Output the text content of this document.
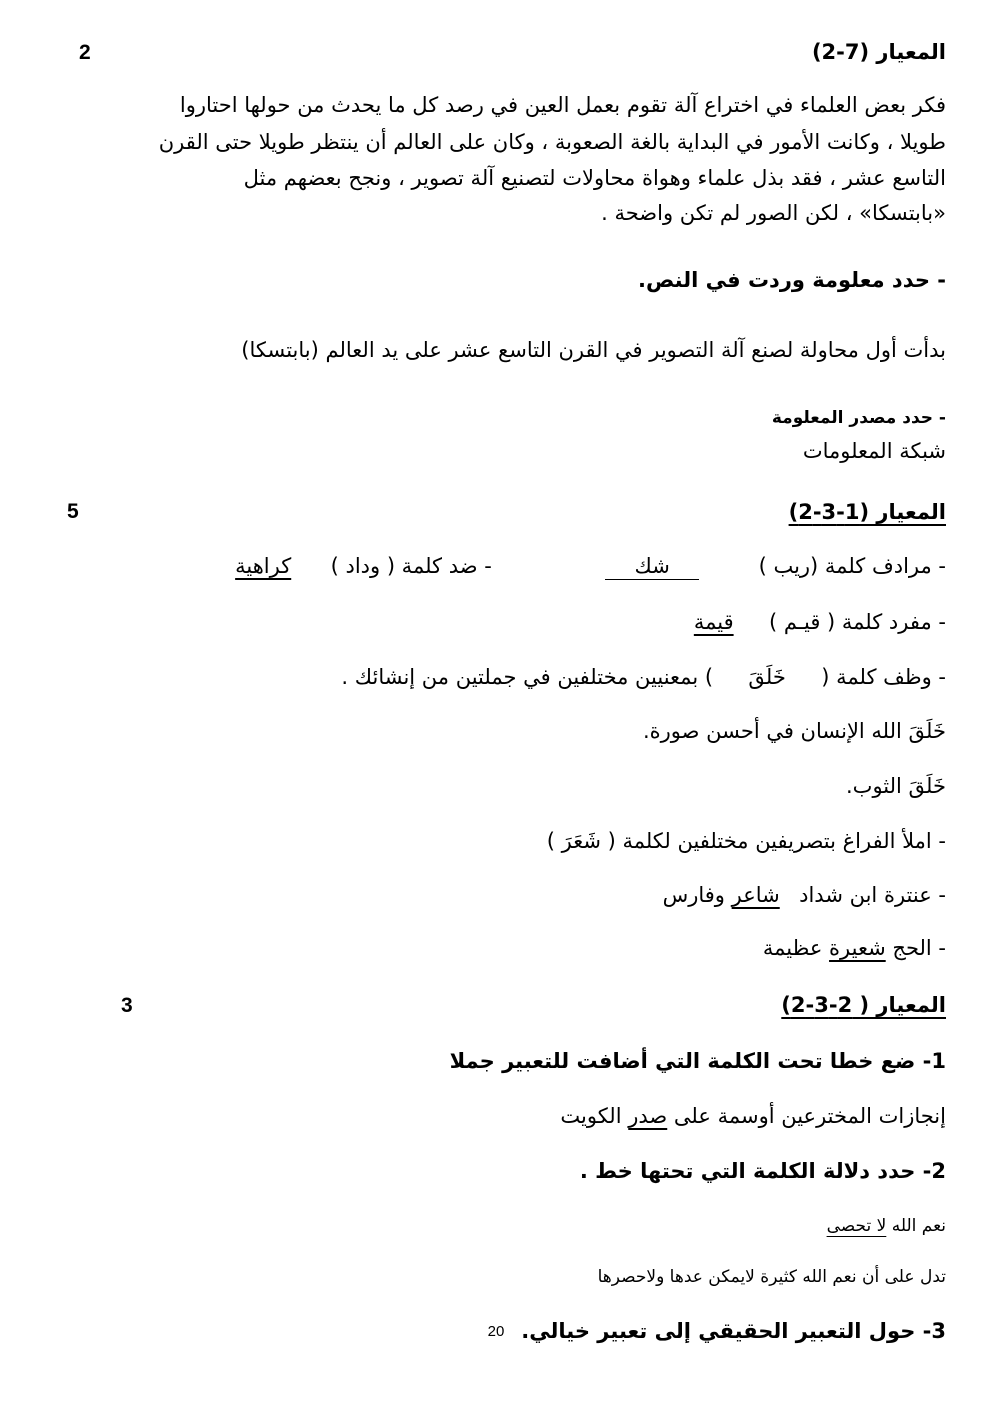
المعيار (7-2)
2
فكر بعض العلماء في اختراع آلة تقوم بعمل العين في رصد كل ما يحدث من حولها احتاروا
طويلا ، وكانت الأمور في البداية بالغة الصعوبة ، وكان على العالم أن ينتظر طويلا حتى القرن
التاسع عشر ، فقد بذل علماء وهواة محاولات لتصنيع آلة تصوير ، ونجح بعضهم مثل
«بابتسكا» ، لكن الصور لم تكن واضحة .
- حدد معلومة وردت في النص.
بدأت أول محاولة لصنع آلة التصوير في القرن التاسع عشر على يد العالم (بابتسكا)
- حدد مصدر المعلومة
شبكة المعلومات
المعيار (1-3-2)
5
- مرادف كلمة (ريب )  شك  - ضد كلمة ( وداد )  كراهية
- مفرد كلمة ( قيـم )  قيمة
- وظف كلمة (  خَلَقَ  ) بمعنيين مختلفين في جملتين من إنشائك .
خَلَقَ الله الإنسان في أحسن صورة.
خَلَقَ الثوب.
- املأ الفراغ بتصريفين مختلفين لكلمة ( شَعَرَ )
- عنترة ابن شداد  شاعر وفارس
- الحج شعيرة عظيمة
المعيار ( 2-3-2)
3
1- ضع خطا تحت الكلمة التي أضافت للتعبير جملا
إنجازات المخترعين أوسمة على صدر الكويت
2- حدد دلالة الكلمة التي تحتها خط .
نعم الله لا تحصى
تدل على أن نعم الله كثيرة لايمكن عدها ولاحصرها
3- حول التعبير الحقيقي إلى تعبير خيالي.
20
